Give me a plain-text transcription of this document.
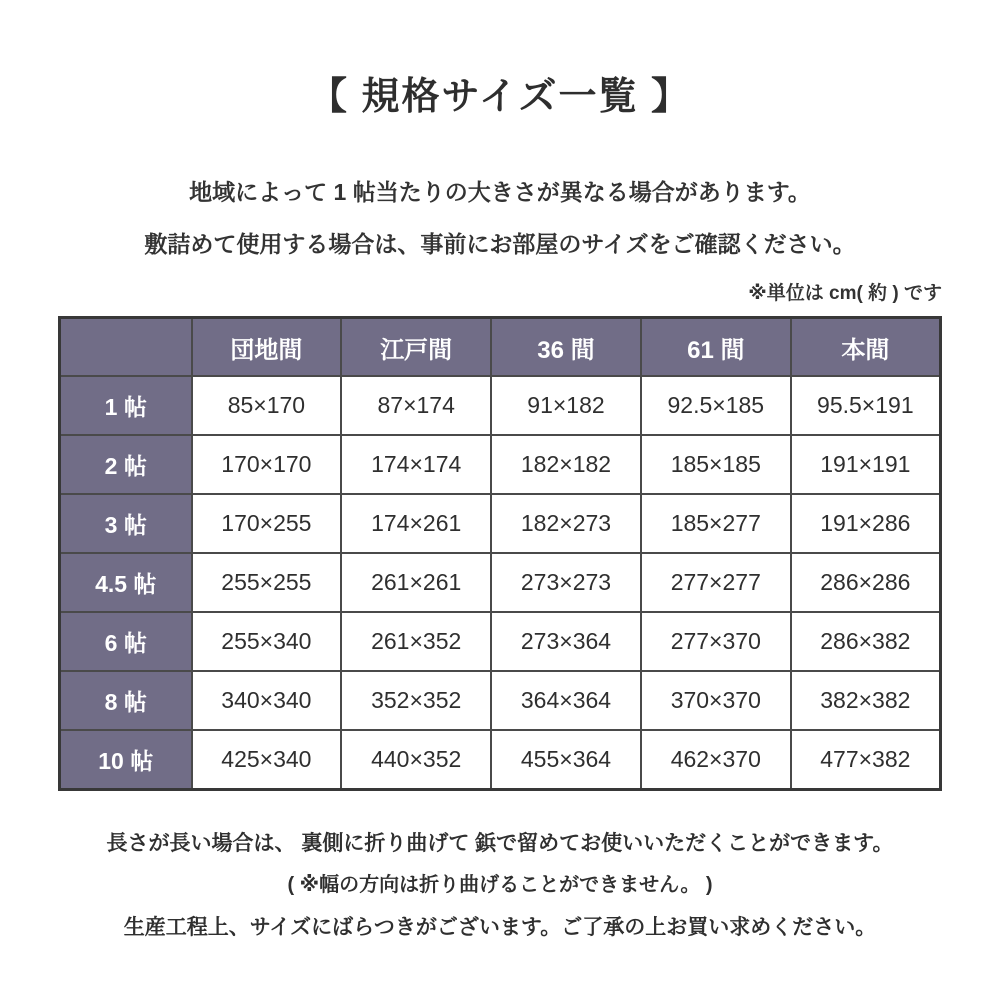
【 規格サイズ一覧 】
地域によって 1 帖当たりの大きさが異なる場合があります。
敷詰めて使用する場合は、事前にお部屋のサイズをご確認ください。
※単位は cm( 約 ) です
	団地間	江戸間	36 間	61 間	本間
1 帖	85×170	87×174	91×182	92.5×185	95.5×191
2 帖	170×170	174×174	182×182	185×185	191×191
3 帖	170×255	174×261	182×273	185×277	191×286
4.5 帖	255×255	261×261	273×273	277×277	286×286
6 帖	255×340	261×352	273×364	277×370	286×382
8 帖	340×340	352×352	364×364	370×370	382×382
10 帖	425×340	440×352	455×364	462×370	477×382
長さが長い場合は、 裏側に折り曲げて 鋲で留めてお使いいただくことができます。
( ※幅の方向は折り曲げることができません。 )
生産工程上、サイズにばらつきがございます。ご了承の上お買い求めください。
